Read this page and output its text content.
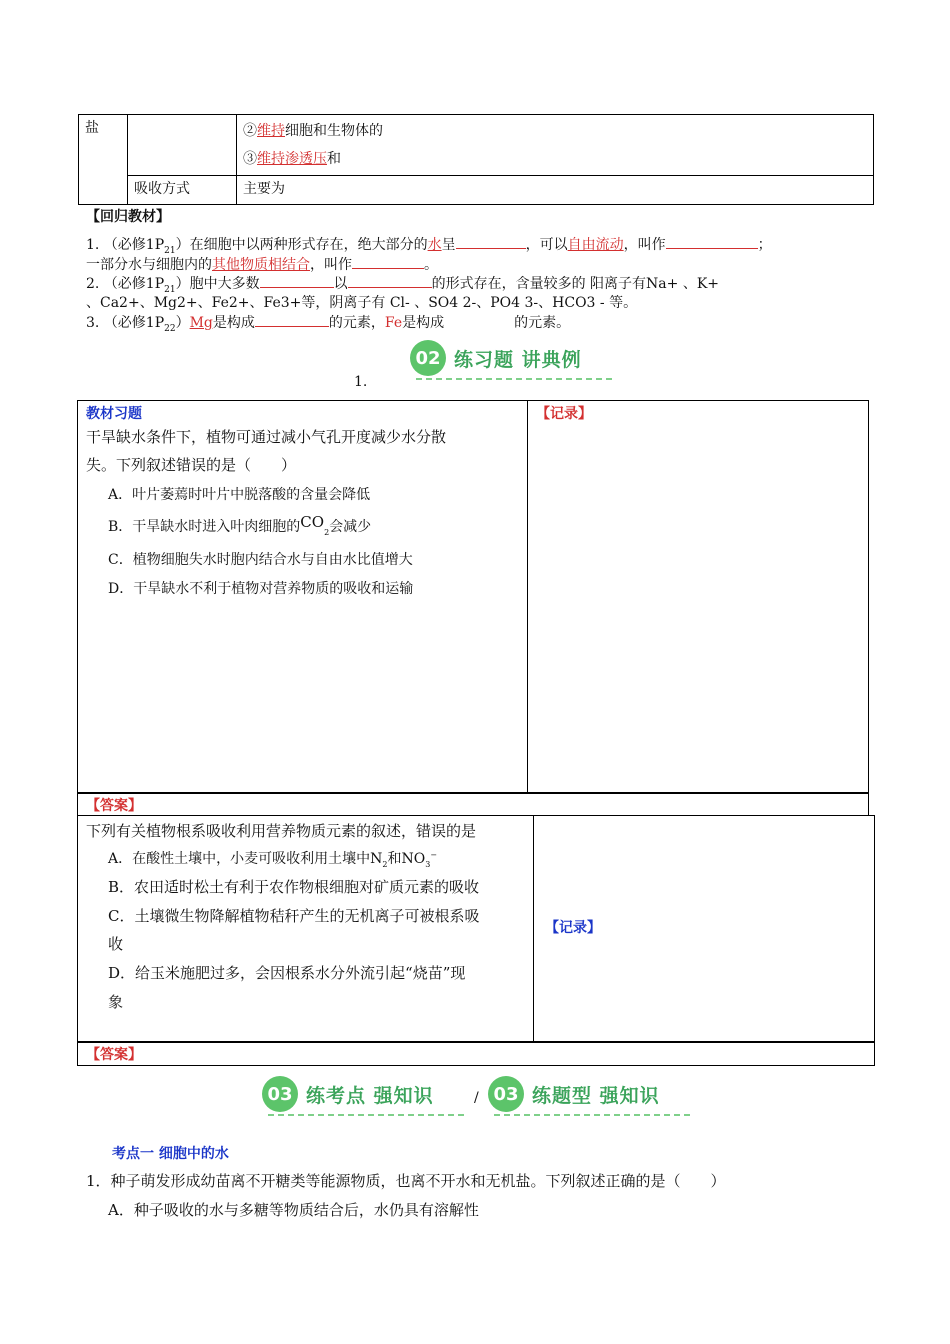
盐		②维持细胞和生物体的
③维持渗透压和

	吸收方式	主要为
【回归教材】
1. （必修$1P_{21}$）在细胞中以两种形式存在，绝大部分的水呈	，可以自由流动，叫作	；
一部分水与细胞内的其他物质相结合，叫作	。
2. （必修$1P_{21}$）胞中大多数	以	的形式存在，含量较多的 阳离子有Na+ 、K+
、Ca2+、Mg2+、Fe2+、Fe3+等，阴离子有 Cl- 、SO4 2-、PO4 3-、HCO3 - 等。
3. （必修$1P_{22})Mg$是构成	的元素，Fe是构成	的元素。
02 练习题 讲典例
1.
教材习题	【记录】
干旱缺水条件下，植物可通过减小气孔开度减少水分散
失。下列叙述错误的是（　　）
A．叶片萎蔫时叶片中脱落酸的含量会降低
B．干旱缺水时进入叶肉细胞的$CO_2$会减少
C．植物细胞失水时胞内结合水与自由水比值增大
D．干旱缺水不利于植物对营养物质的吸收和运输
【答案】
下列有关植物根系吸收利用营养物质元素的叙述，错误的是
A．在酸性土壤中，小麦可吸收利用土壤中$N_2$和$NO_3^-$
B．农田适时松土有利于农作物根细胞对矿质元素的吸收
C．土壤微生物降解植物秸秆产生的无机离子可被根系吸
收
D．给玉米施肥过多，会因根系水分外流引起“烧苗”现
象
【记录】
【答案】
03 练考点 强知识	/ 03 练题型 强知识
考点一 细胞中的水
1．种子萌发形成幼苗离不开糖类等能源物质，也离不开水和无机盐。下列叙述正确的是（　　）
A．种子吸收的水与多糖等物质结合后，水仍具有溶解性
